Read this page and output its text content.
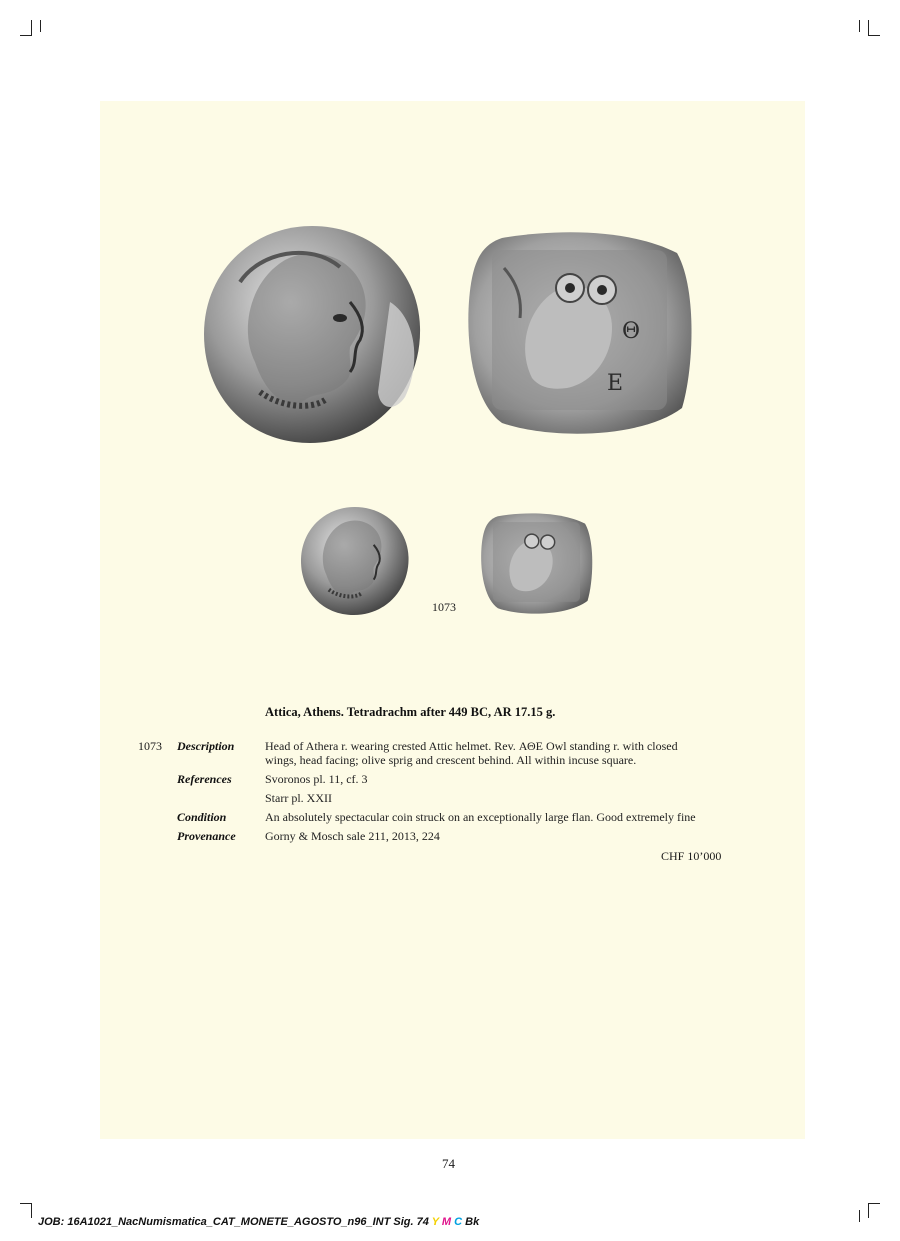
Θ
Ε
1073
Attica, Athens. Tetradrachm after 449 BC, AR 17.15 g.
1073 Description	Head of Athera r. wearing crested Attic helmet. Rev. ΑΘΕ Owl standing r. with closed
wings, head facing; olive sprig and crescent behind. All within incuse square.
References	Svoronos pl. 11, cf. 3
Starr pl. XXII
Condition	An absolutely spectacular coin struck on an exceptionally large flan. Good extremely fine
Provenance Gorny & Mosch sale 211, 2013, 224
CHF 10’000
74
JOB: 16A1021_NacNumismatica_CAT_MONETE_AGOSTO_n96_INT Sig. 74 Y M C Bk
